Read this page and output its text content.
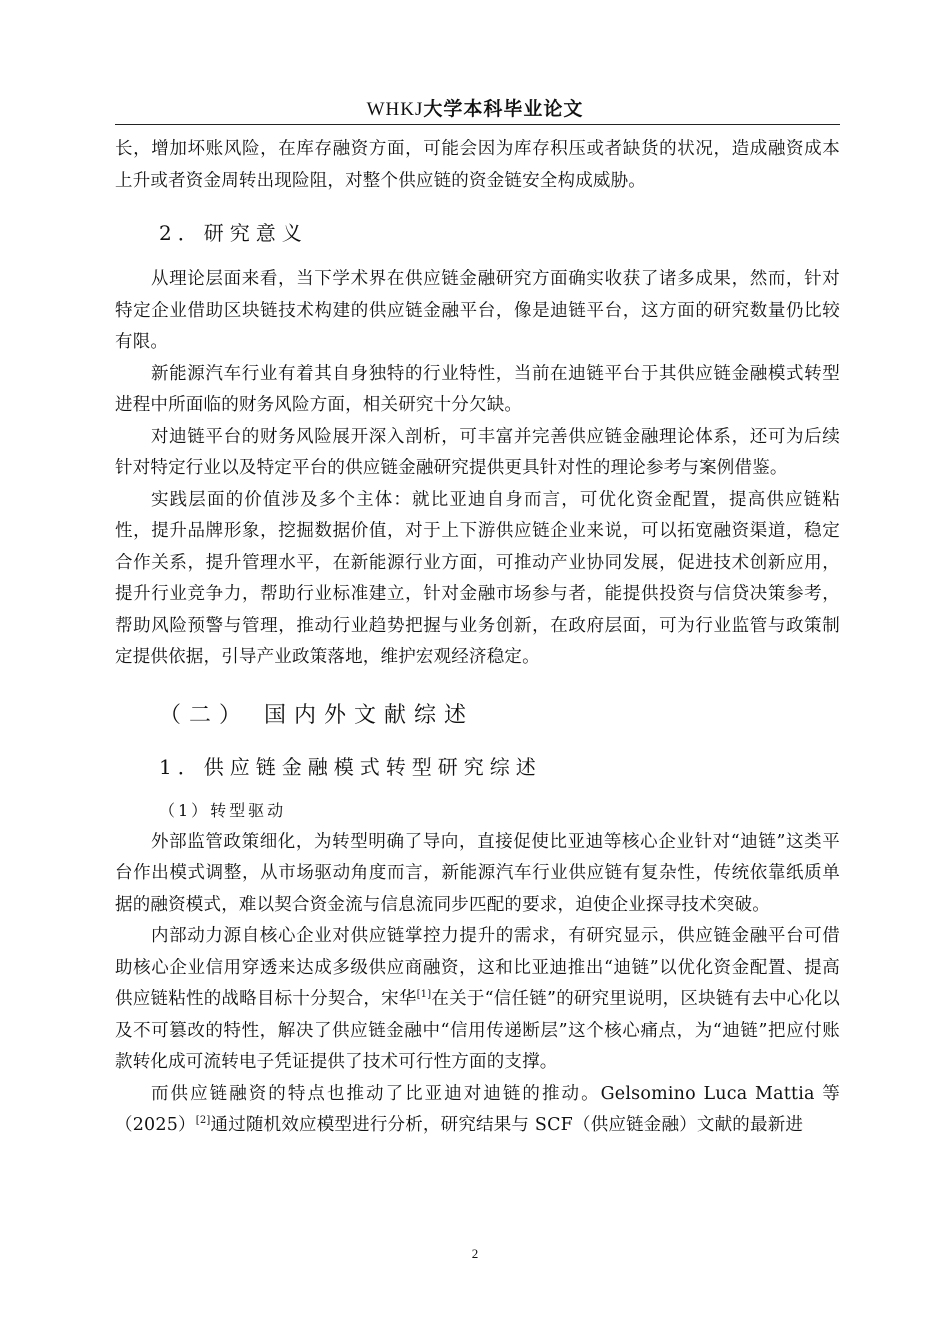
WHKJ大学本科毕业论文

长，增加坏账风险，在库存融资方面，可能会因为库存积压或者缺货的状况，造成融资成本上升或者资金周转出现险阻，对整个供应链的资金链安全构成威胁。

2．研究意义

从理论层面来看，当下学术界在供应链金融研究方面确实收获了诸多成果，然而，针对特定企业借助区块链技术构建的供应链金融平台，像是迪链平台，这方面的研究数量仍比较有限。

新能源汽车行业有着其自身独特的行业特性，当前在迪链平台于其供应链金融模式转型进程中所面临的财务风险方面，相关研究十分欠缺。

对迪链平台的财务风险展开深入剖析，可丰富并完善供应链金融理论体系，还可为后续针对特定行业以及特定平台的供应链金融研究提供更具针对性的理论参考与案例借鉴。

实践层面的价值涉及多个主体：就比亚迪自身而言，可优化资金配置，提高供应链粘性，提升品牌形象，挖掘数据价值，对于上下游供应链企业来说，可以拓宽融资渠道，稳定合作关系，提升管理水平，在新能源行业方面，可推动产业协同发展，促进技术创新应用，提升行业竞争力，帮助行业标准建立，针对金融市场参与者，能提供投资与信贷决策参考，帮助风险预警与管理，推动行业趋势把握与业务创新，在政府层面，可为行业监管与政策制定提供依据，引导产业政策落地，维护宏观经济稳定。

（二） 国内外文献综述
1．供应链金融模式转型研究综述
（1）转型驱动

外部监管政策细化，为转型明确了导向，直接促使比亚迪等核心企业针对“迪链”这类平台作出模式调整，从市场驱动角度而言，新能源汽车行业供应链有复杂性，传统依靠纸质单据的融资模式，难以契合资金流与信息流同步匹配的要求，迫使企业探寻技术突破。

内部动力源自核心企业对供应链掌控力提升的需求，有研究显示，供应链金融平台可借助核心企业信用穿透来达成多级供应商融资，这和比亚迪推出“迪链”以优化资金配置、提高供应链粘性的战略目标十分契合，宋华[1]在关于“信任链”的研究里说明，区块链有去中心化以及不可篡改的特性，解决了供应链金融中“信用传递断层”这个核心痛点，为“迪链”把应付账款转化成可流转电子凭证提供了技术可行性方面的支撑。

而供应链融资的特点也推动了比亚迪对迪链的推动。Gelsomino Luca Mattia 等（2025）[2]通过随机效应模型进行分析，研究结果与 SCF（供应链金融）文献的最新进

2
